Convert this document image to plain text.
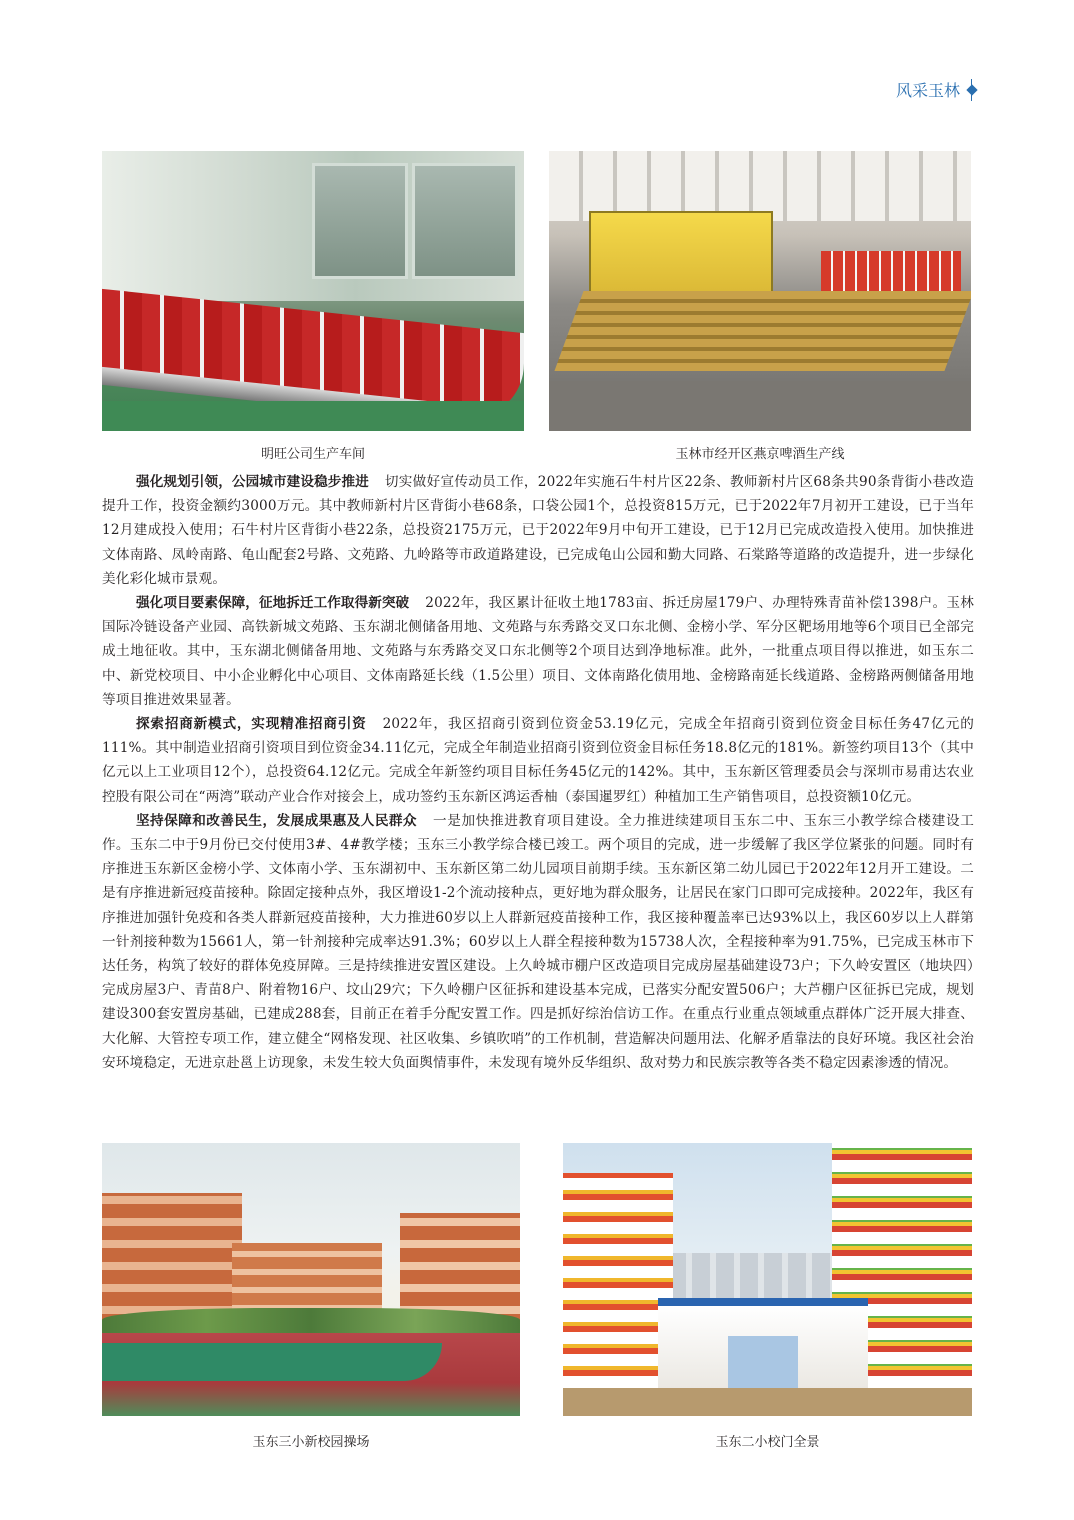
风采玉林
明旺公司生产车间	玉林市经开区燕京啤酒生产线

强化规划引领，公园城市建设稳步推进 切实做好宣传动员工作，2022年实施石牛村片区22条、教师新村片区68条共90条背街小巷改造提升工作，投资金额约3000万元。其中教师新村片区背街小巷68条，口袋公园1个，总投资815万元，已于2022年7月初开工建设，已于当年12月建成投入使用；石牛村片区背街小巷22条，总投资2175万元，已于2022年9月中旬开工建设，已于12月已完成改造投入使用。加快推进文体南路、凤岭南路、龟山配套2号路、文苑路、九岭路等市政道路建设，已完成龟山公园和勤大同路、石棠路等道路的改造提升，进一步绿化美化彩化城市景观。

强化项目要素保障，征地拆迁工作取得新突破 2022年，我区累计征收土地1783亩、拆迁房屋179户、办理特殊青苗补偿1398户。玉林国际冷链设备产业园、高铁新城文苑路、玉东湖北侧储备用地、文苑路与东秀路交叉口东北侧、金榜小学、军分区靶场用地等6个项目已全部完成土地征收。其中，玉东湖北侧储备用地、文苑路与东秀路交叉口东北侧等2个项目达到净地标准。此外，一批重点项目得以推进，如玉东二中、新党校项目、中小企业孵化中心项目、文体南路延长线（1.5公里）项目、文体南路化债用地、金榜路南延长线道路、金榜路两侧储备用地等项目推进效果显著。

探索招商新模式，实现精准招商引资 2022年，我区招商引资到位资金53.19亿元，完成全年招商引资到位资金目标任务47亿元的111%。其中制造业招商引资项目到位资金34.11亿元，完成全年制造业招商引资到位资金目标任务18.8亿元的181%。新签约项目13个（其中亿元以上工业项目12个），总投资64.12亿元。完成全年新签约项目目标任务45亿元的142%。其中，玉东新区管理委员会与深圳市易甫达农业控股有限公司在“两湾”联动产业合作对接会上，成功签约玉东新区鸿运香柚（泰国暹罗红）种植加工生产销售项目，总投资额10亿元。

坚持保障和改善民生，发展成果惠及人民群众 一是加快推进教育项目建设。全力推进续建项目玉东二中、玉东三小教学综合楼建设工作。玉东二中于9月份已交付使用3#、4#教学楼；玉东三小教学综合楼已竣工。两个项目的完成，进一步缓解了我区学位紧张的问题。同时有序推进玉东新区金榜小学、文体南小学、玉东湖初中、玉东新区第二幼儿园项目前期手续。玉东新区第二幼儿园已于2022年12月开工建设。二是有序推进新冠疫苗接种。除固定接种点外，我区增设1-2个流动接种点，更好地为群众服务，让居民在家门口即可完成接种。2022年，我区有序推进加强针免疫和各类人群新冠疫苗接种，大力推进60岁以上人群新冠疫苗接种工作，我区接种覆盖率已达93%以上，我区60岁以上人群第一针剂接种数为15661人，第一针剂接种完成率达91.3%；60岁以上人群全程接种数为15738人次，全程接种率为91.75%，已完成玉林市下达任务，构筑了较好的群体免疫屏障。三是持续推进安置区建设。上久岭城市棚户区改造项目完成房屋基础建设73户；下久岭安置区（地块四）完成房屋3户、青苗8户、附着物16户、坟山29穴；下久岭棚户区征拆和建设基本完成，已落实分配安置506户；大芦棚户区征拆已完成，规划建设300套安置房基础，已建成288套，目前正在着手分配安置工作。四是抓好综治信访工作。在重点行业重点领域重点群体广泛开展大排查、大化解、大管控专项工作，建立健全“网格发现、社区收集、乡镇吹哨”的工作机制，营造解决问题用法、化解矛盾靠法的良好环境。我区社会治安环境稳定，无进京赴邕上访现象，未发生较大负面舆情事件，未发现有境外反华组织、敌对势力和民族宗教等各类不稳定因素渗透的情况。

玉东三小新校园操场	玉东二小校门全景
